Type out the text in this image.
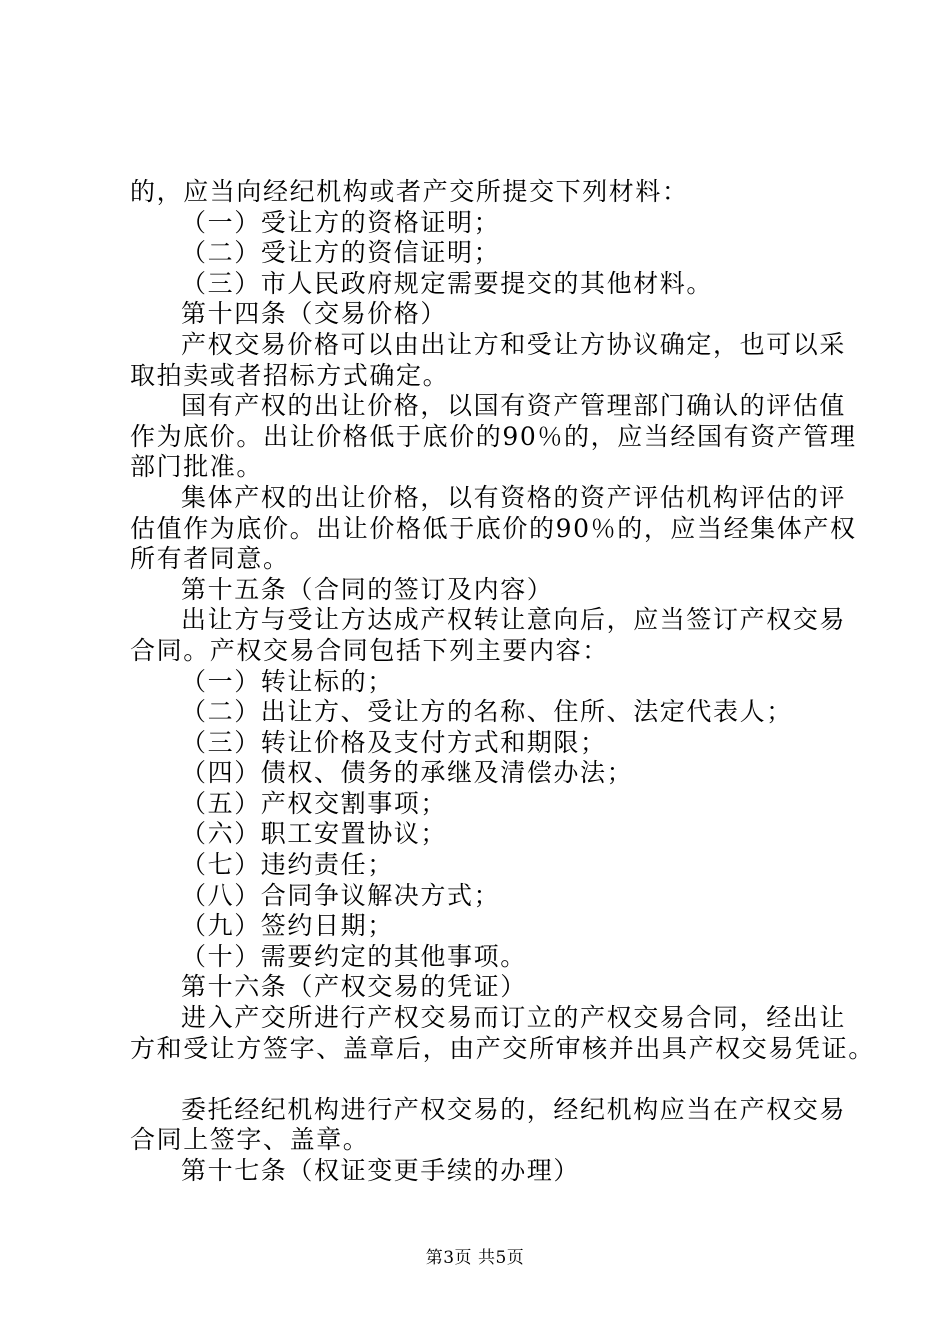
的，应当向经纪机构或者产交所提交下列材料：
（一）受让方的资格证明；
（二）受让方的资信证明；
（三）市人民政府规定需要提交的其他材料。
第十四条（交易价格）
产权交易价格可以由出让方和受让方协议确定，也可以采
取拍卖或者招标方式确定。
国有产权的出让价格，以国有资产管理部门确认的评估值
作为底价。出让价格低于底价的90％的，应当经国有资产管理
部门批准。
集体产权的出让价格，以有资格的资产评估机构评估的评
估值作为底价。出让价格低于底价的90％的，应当经集体产权
所有者同意。
第十五条（合同的签订及内容）
出让方与受让方达成产权转让意向后，应当签订产权交易
合同。产权交易合同包括下列主要内容：
（一）转让标的；
（二）出让方、受让方的名称、住所、法定代表人；
（三）转让价格及支付方式和期限；
（四）债权、债务的承继及清偿办法；
（五）产权交割事项；
（六）职工安置协议；
（七）违约责任；
（八）合同争议解决方式；
（九）签约日期；
（十）需要约定的其他事项。
第十六条（产权交易的凭证）
进入产交所进行产权交易而订立的产权交易合同，经出让
方和受让方签字、盖章后，由产交所审核并出具产权交易凭证。
委托经纪机构进行产权交易的，经纪机构应当在产权交易
合同上签字、盖章。
第十七条（权证变更手续的办理）
第3页 共5页
